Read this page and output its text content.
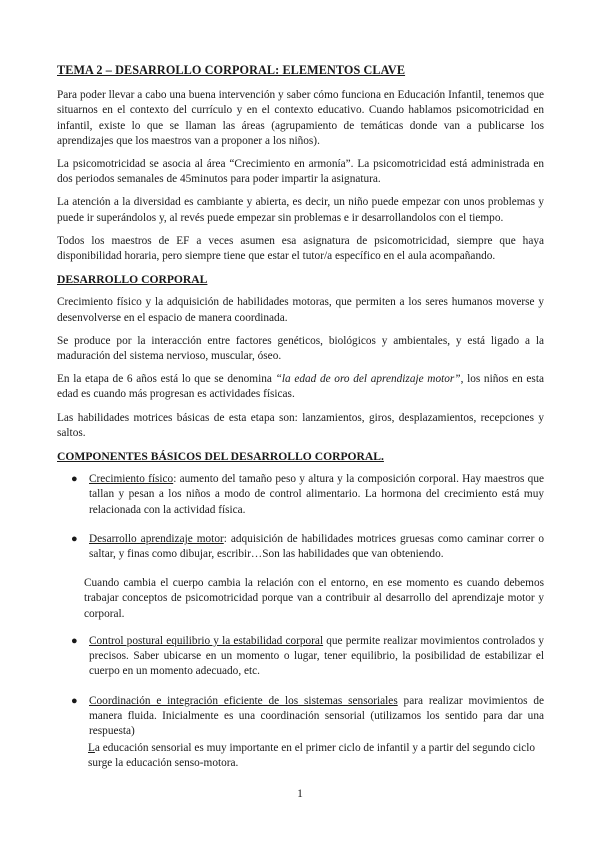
TEMA 2 – DESARROLLO CORPORAL: ELEMENTOS CLAVE

Para poder llevar a cabo una buena intervención y saber cómo funciona en Educación Infantil, tenemos que situarnos en el contexto del currículo y en el contexto educativo. Cuando hablamos psicomotricidad en infantil, existe lo que se llaman las áreas (agrupamiento de temáticas donde van a publicarse los aprendizajes que los maestros van a proponer a los niños).

La psicomotricidad se asocia al área “Crecimiento en armonía”. La psicomotricidad está administrada en dos periodos semanales de 45minutos para poder impartir la asignatura.

La atención a la diversidad es cambiante y abierta, es decir, un niño puede empezar con unos problemas y puede ir superándolos y, al revés puede empezar sin problemas e ir desarrollandolos con el tiempo.

Todos los maestros de EF a veces asumen esa asignatura de psicomotricidad, siempre que haya disponibilidad horaria, pero siempre tiene que estar el tutor/a específico en el aula acompañando.

DESARROLLO CORPORAL

Crecimiento físico y la adquisición de habilidades motoras, que permiten a los seres humanos moverse y desenvolverse en el espacio de manera coordinada.

Se produce por la interacción entre factores genéticos, biológicos y ambientales, y está ligado a la maduración del sistema nervioso, muscular, óseo.

En la etapa de 6 años está lo que se denomina “la edad de oro del aprendizaje motor”, los niños en esta edad es cuando más progresan es actividades físicas.

Las habilidades motrices básicas de esta etapa son: lanzamientos, giros, desplazamientos, recepciones y saltos.

COMPONENTES BÁSICOS DEL DESARROLLO CORPORAL.
● Crecimiento físico: aumento del tamaño peso y altura y la composición corporal. Hay maestros que tallan y pesan a los niños a modo de control alimentario. La hormona del crecimiento está muy relacionada con la actividad física.
● Desarrollo aprendizaje motor: adquisición de habilidades motrices gruesas como caminar correr o saltar, y finas como dibujar, escribir…Son las habilidades que van obteniendo.

Cuando cambia el cuerpo cambia la relación con el entorno, en ese momento es cuando debemos trabajar conceptos de psicomotricidad porque van a contribuir al desarrollo del aprendizaje motor y corporal.

● Control postural equilibrio y la estabilidad corporal que permite realizar movimientos controlados y precisos. Saber ubicarse en un momento o lugar, tener equilibrio, la posibilidad de estabilizar el cuerpo en un momento adecuado, etc.
● Coordinación e integración eficiente de los sistemas sensoriales para realizar movimientos de manera fluida. Inicialmente es una coordinación sensorial (utilizamos los sentido para dar una respuesta)

La educación sensorial es muy importante en el primer ciclo de infantil y a partir del segundo ciclo surge la educación senso-motora.

1
